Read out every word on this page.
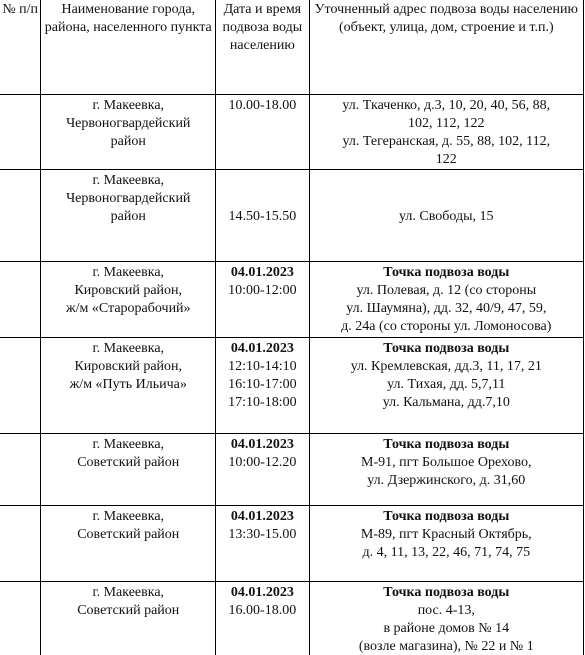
№ п/п	Наименование города, района, населенного пункта	Дата и время подвоза воды населению	Уточненный адрес подвоза воды населению (объект, улица, дом, строение и т.п.)

	г. Макеевка,
Червоногвардейский
район	10.00-18.00	ул. Ткаченко, д.3, 10, 20, 40, 56, 88,
102, 112, 122
ул. Тегеранская, д. 55, 88, 102, 112,
122

	г. Макеевка,
Червоногвардейский
район	14.50-15.50	ул. Свободы, 15

	г. Макеевка,
Кировский район,
ж/м «Старорабочий»	04.01.2023
10:00-12:00	Точка подвоза воды
ул. Полевая, д. 12 (со стороны
ул. Шаумяна), дд. 32, 40/9, 47, 59,
д. 24а (со стороны ул. Ломоносова)

	г. Макеевка,
Кировский район,
ж/м «Путь Ильича»	04.01.2023
12:10-14:10
16:10-17:00
17:10-18:00	Точка подвоза воды
ул. Кремлевская, дд.3, 11, 17, 21
ул. Тихая, дд. 5,7,11
ул. Кальмана, дд.7,10

	г. Макеевка,
Советский район	04.01.2023
10:00-12.20	Точка подвоза воды
М-91, пгт Большое Орехово,
ул. Дзержинского, д. 31,60

	г. Макеевка,
Советский район	04.01.2023
13:30-15.00	Точка подвоза воды
М-89, пгт Красный Октябрь,
д. 4, 11, 13, 22, 46, 71, 74, 75

	г. Макеевка,
Советский район	04.01.2023
16.00-18.00	Точка подвоза воды
пос. 4-13,
в районе домов № 14
(возле магазина), № 22 и № 1
